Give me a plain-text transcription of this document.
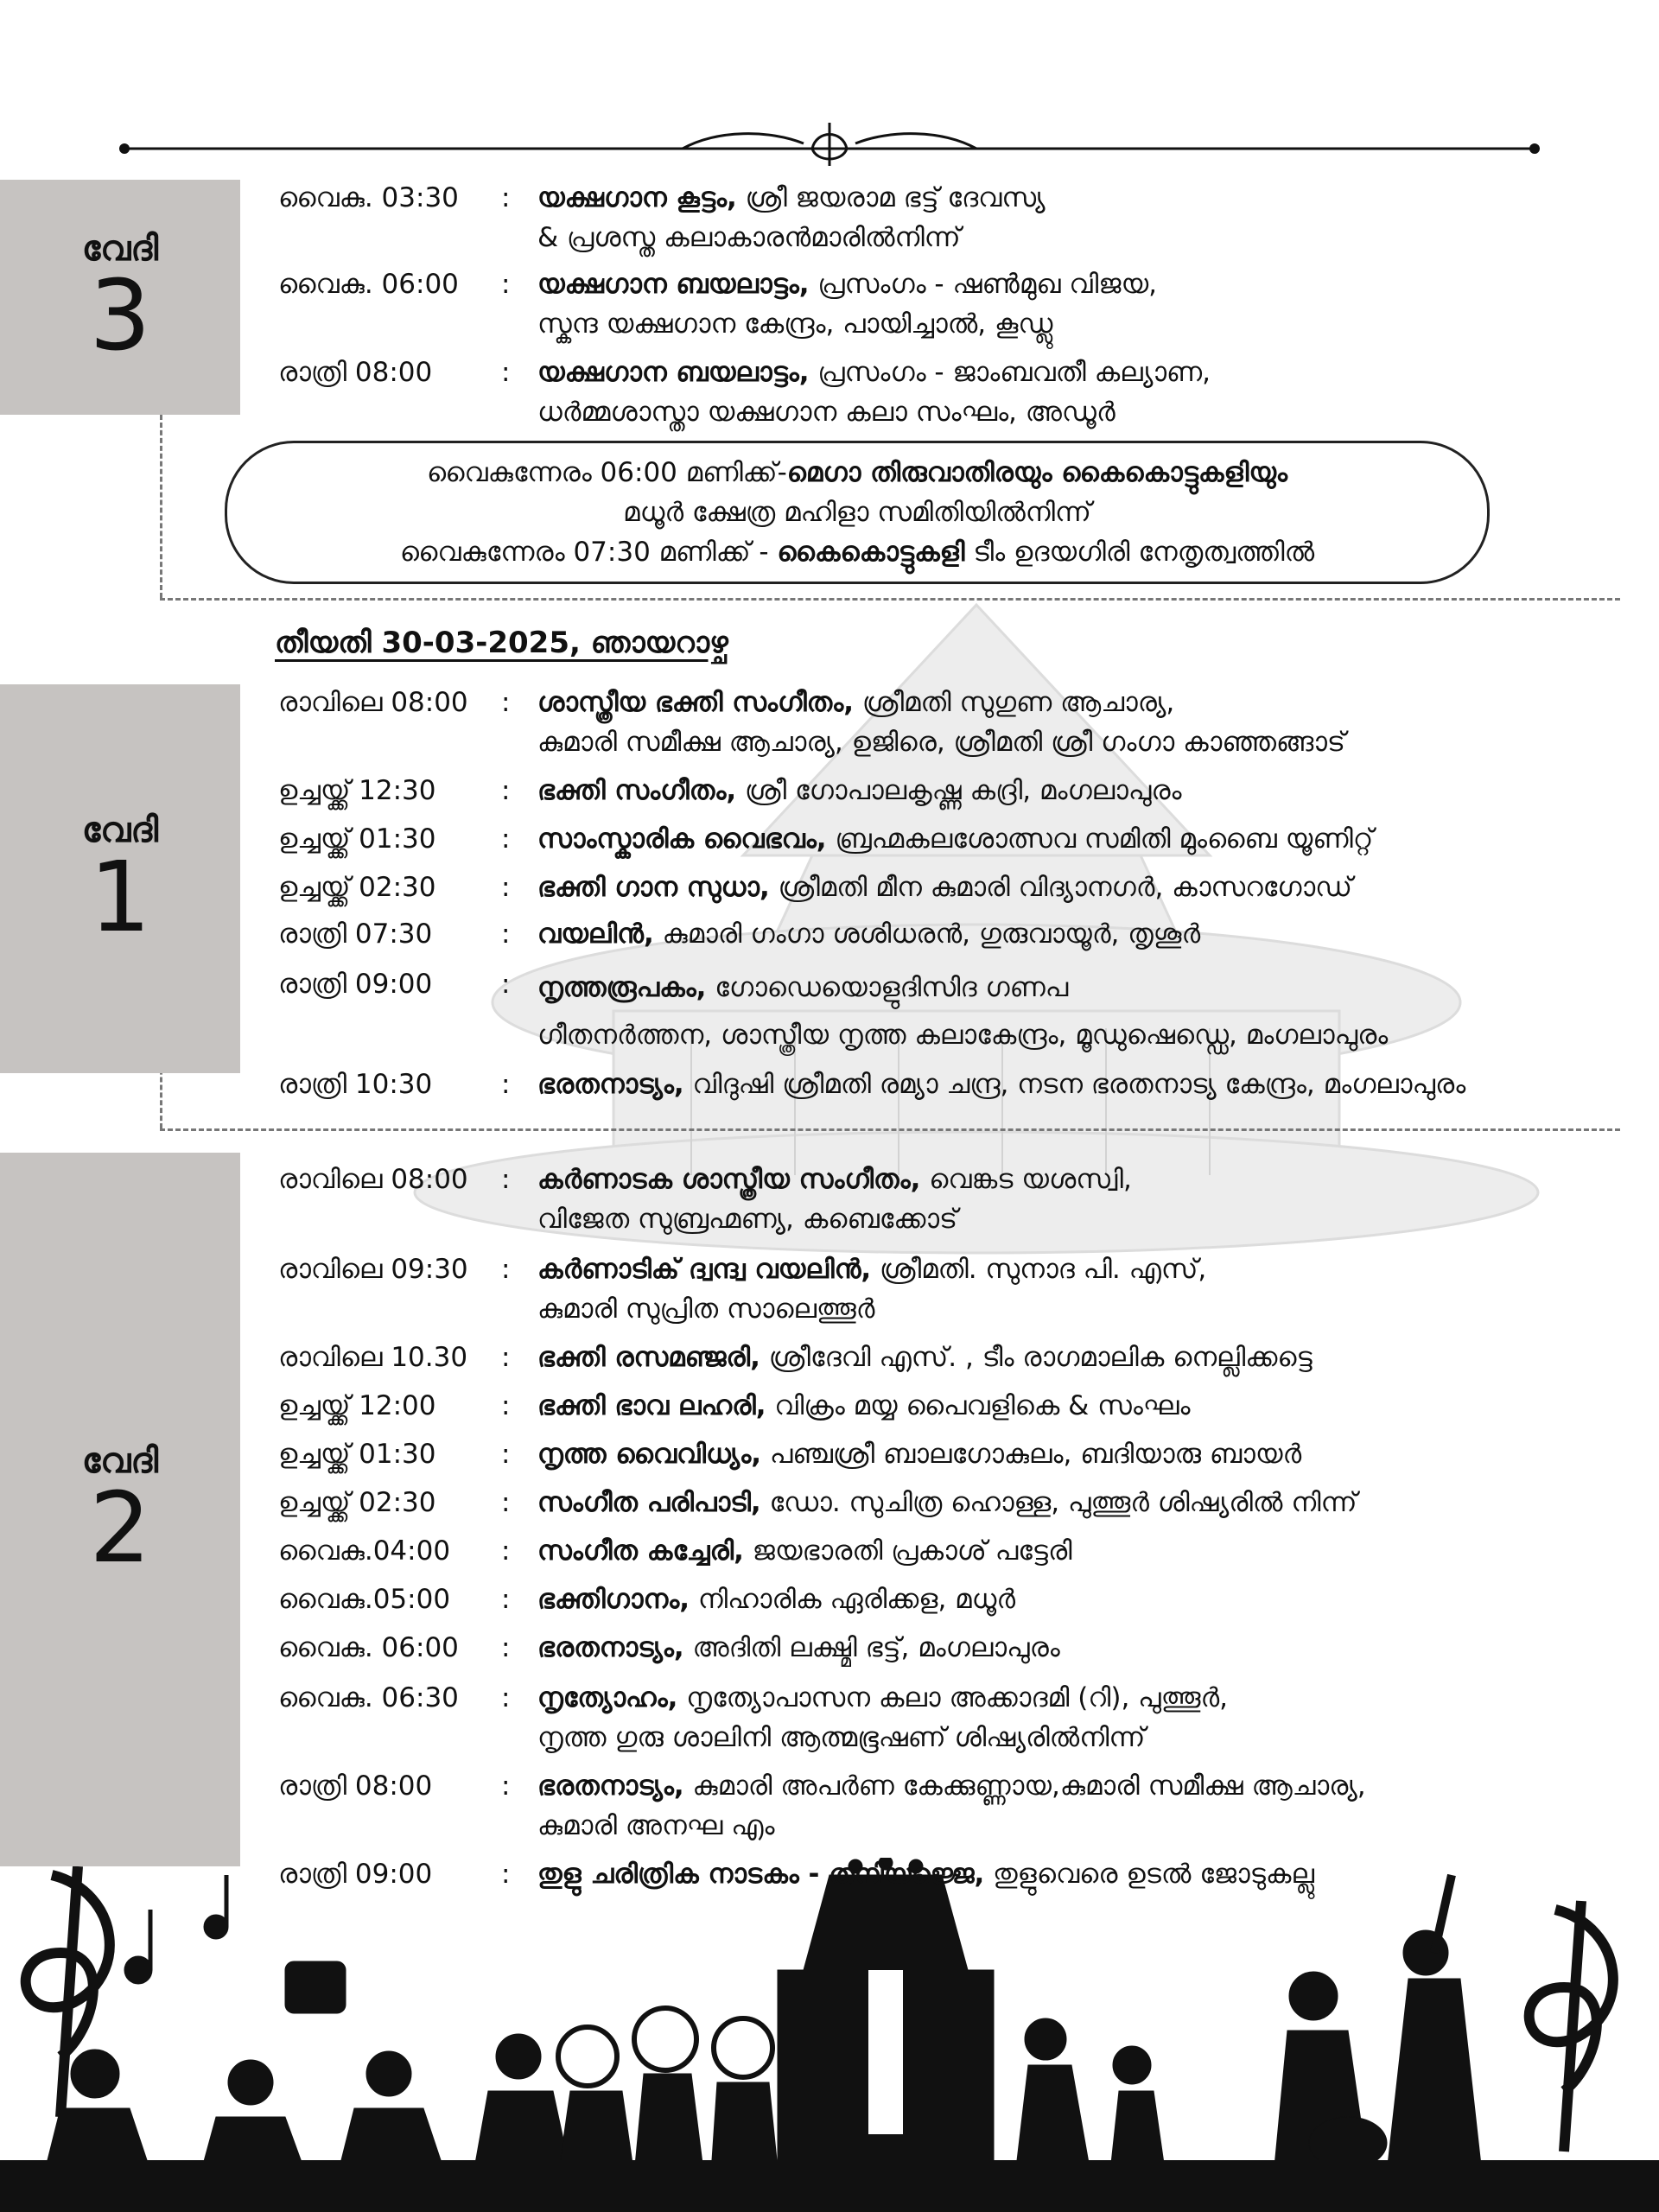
വേദി
3
വൈകു. 03:30	: യക്ഷഗാന കൂട്ടം, ശ്രീ ജയരാമ ഭട്ട് ദേവസ്യ
& പ്രശസ്ത കലാകാരൻമാരിൽനിന്ന്
വൈകു. 06:00	: യക്ഷഗാന ബയലാട്ടം, പ്രസംഗം - ഷൺമുഖ വിജയ,
സ്കന്ദ യക്ഷഗാന കേന്ദ്രം, പായിച്ചാൽ, കൂഡ്ലു
രാത്രി 08:00	: യക്ഷഗാന ബയലാട്ടം, പ്രസംഗം - ജാംബവതീ കല്യാണ,
ധർമ്മശാസ്താ യക്ഷഗാന കലാ സംഘം, അഡൂർ
വൈകുന്നേരം 06:00 മണിക്ക്-മെഗാ തിരുവാതിരയും കൈകൊട്ടുകളിയും
മധൂർ ക്ഷേത്ര മഹിളാ സമിതിയിൽനിന്ന്
വൈകുന്നേരം 07:30 മണിക്ക് - കൈകൊട്ടുകളി ടീം ഉദയഗിരി നേതൃത്വത്തിൽ
തീയതി 30-03-2025, ഞായറാഴ്ച
വേദി
1
രാവിലെ 08:00	: ശാസ്ത്രീയ ഭക്തി സംഗീതം, ശ്രീമതി സുഗുണ ആചാര്യ,
കുമാരി സമീക്ഷ ആചാര്യ, ഉജിരെ, ശ്രീമതി ശ്രീ ഗംഗാ കാഞ്ഞങ്ങാട്
ഉച്ചയ്ക്ക് 12:30	: ഭക്തി സംഗീതം, ശ്രീ ഗോപാലകൃഷ്ണ കദ്രി, മംഗലാപുരം
ഉച്ചയ്ക്ക് 01:30	: സാംസ്കാരിക വൈഭവം, ബ്രഹ്മകലശോത്സവ സമിതി മുംബൈ യൂണിറ്റ്
ഉച്ചയ്ക്ക് 02:30	: ഭക്തി ഗാന സുധാ, ശ്രീമതി മീന കുമാരി വിദ്യാനഗർ, കാസറഗോഡ്
രാത്രി 07:30	: വയലിൻ, കുമാരി ഗംഗാ ശശിധരൻ, ഗുരുവായൂർ, തൃശൂർ
രാത്രി 09:00	: നൃത്തരൂപകം, ഗോഡെയൊളുദിസിദ ഗണപ
ഗീതനർത്തന, ശാസ്ത്രീയ നൃത്ത കലാകേന്ദ്രം, മൂഡുഷെഡ്ഡെ, മംഗലാപുരം
രാത്രി 10:30	: ഭരതനാട്യം, വിദുഷി ശ്രീമതി രമ്യാ ചന്ദ്ര, നടന ഭരതനാട്യ കേന്ദ്രം, മംഗലാപുരം
വേദി
2
രാവിലെ 08:00	: കർണാടക ശാസ്ത്രീയ സംഗീതം, വെങ്കട യശസ്വി,
വിജേത സുബ്രഹ്മണ്യ, കബെക്കോട്
രാവിലെ 09:30	: കർണാടിക് ദ്വന്ദ്വ വയലിൻ, ശ്രീമതി. സുനാദ പി. എസ്,
കുമാരി സുപ്രിത സാലെത്തൂർ
രാവിലെ 10.30	: ഭക്തി രസമഞ്ജരി, ശ്രീദേവി എസ്. , ടീം രാഗമാലിക നെല്ലിക്കട്ടെ
ഉച്ചയ്ക്ക് 12:00	: ഭക്തി ഭാവ ലഹരി, വിക്രം മയ്യ പൈവളികെ & സംഘം
ഉച്ചയ്ക്ക് 01:30	: നൃത്ത വൈവിധ്യം, പഞ്ചശ്രീ ബാലഗോകുലം, ബദിയാരു ബായർ
ഉച്ചയ്ക്ക് 02:30	: സംഗീത പരിപാടി, ഡോ. സുചിത്ര ഹൊള്ള, പുത്തൂർ ശിഷ്യരിൽ നിന്ന്
വൈകു.04:00	: സംഗീത കച്ചേരി, ജയഭാരതി പ്രകാശ് പട്ടേരി
വൈകു.05:00	: ഭക്തിഗാനം, നിഹാരിക ഏരിക്കള, മധൂർ
വൈകു. 06:00	: ഭരതനാട്യം, അദിതി ലക്ഷ്മി ഭട്ട്, മംഗലാപുരം
വൈകു. 06:30	: നൃത്യോഹം, നൃത്യോപാസന കലാ അക്കാദമി (റി), പുത്തൂർ,
നൃത്ത ഗുരു ശാലിനി ആത്മഭൂഷണ് ശിഷ്യരിൽനിന്ന്
രാത്രി 08:00	: ഭരതനാട്യം, കുമാരി അപർണ കേക്കുണ്ണായ,കുമാരി സമീക്ഷ ആചാര്യ,
കുമാരി അനഘ എം
രാത്രി 09:00	: തുളു ചരിത്രിക നാടകം - തനിയജ്ജെ, തുളുവെരെ ഉടൽ ജോടുകല്ലു
